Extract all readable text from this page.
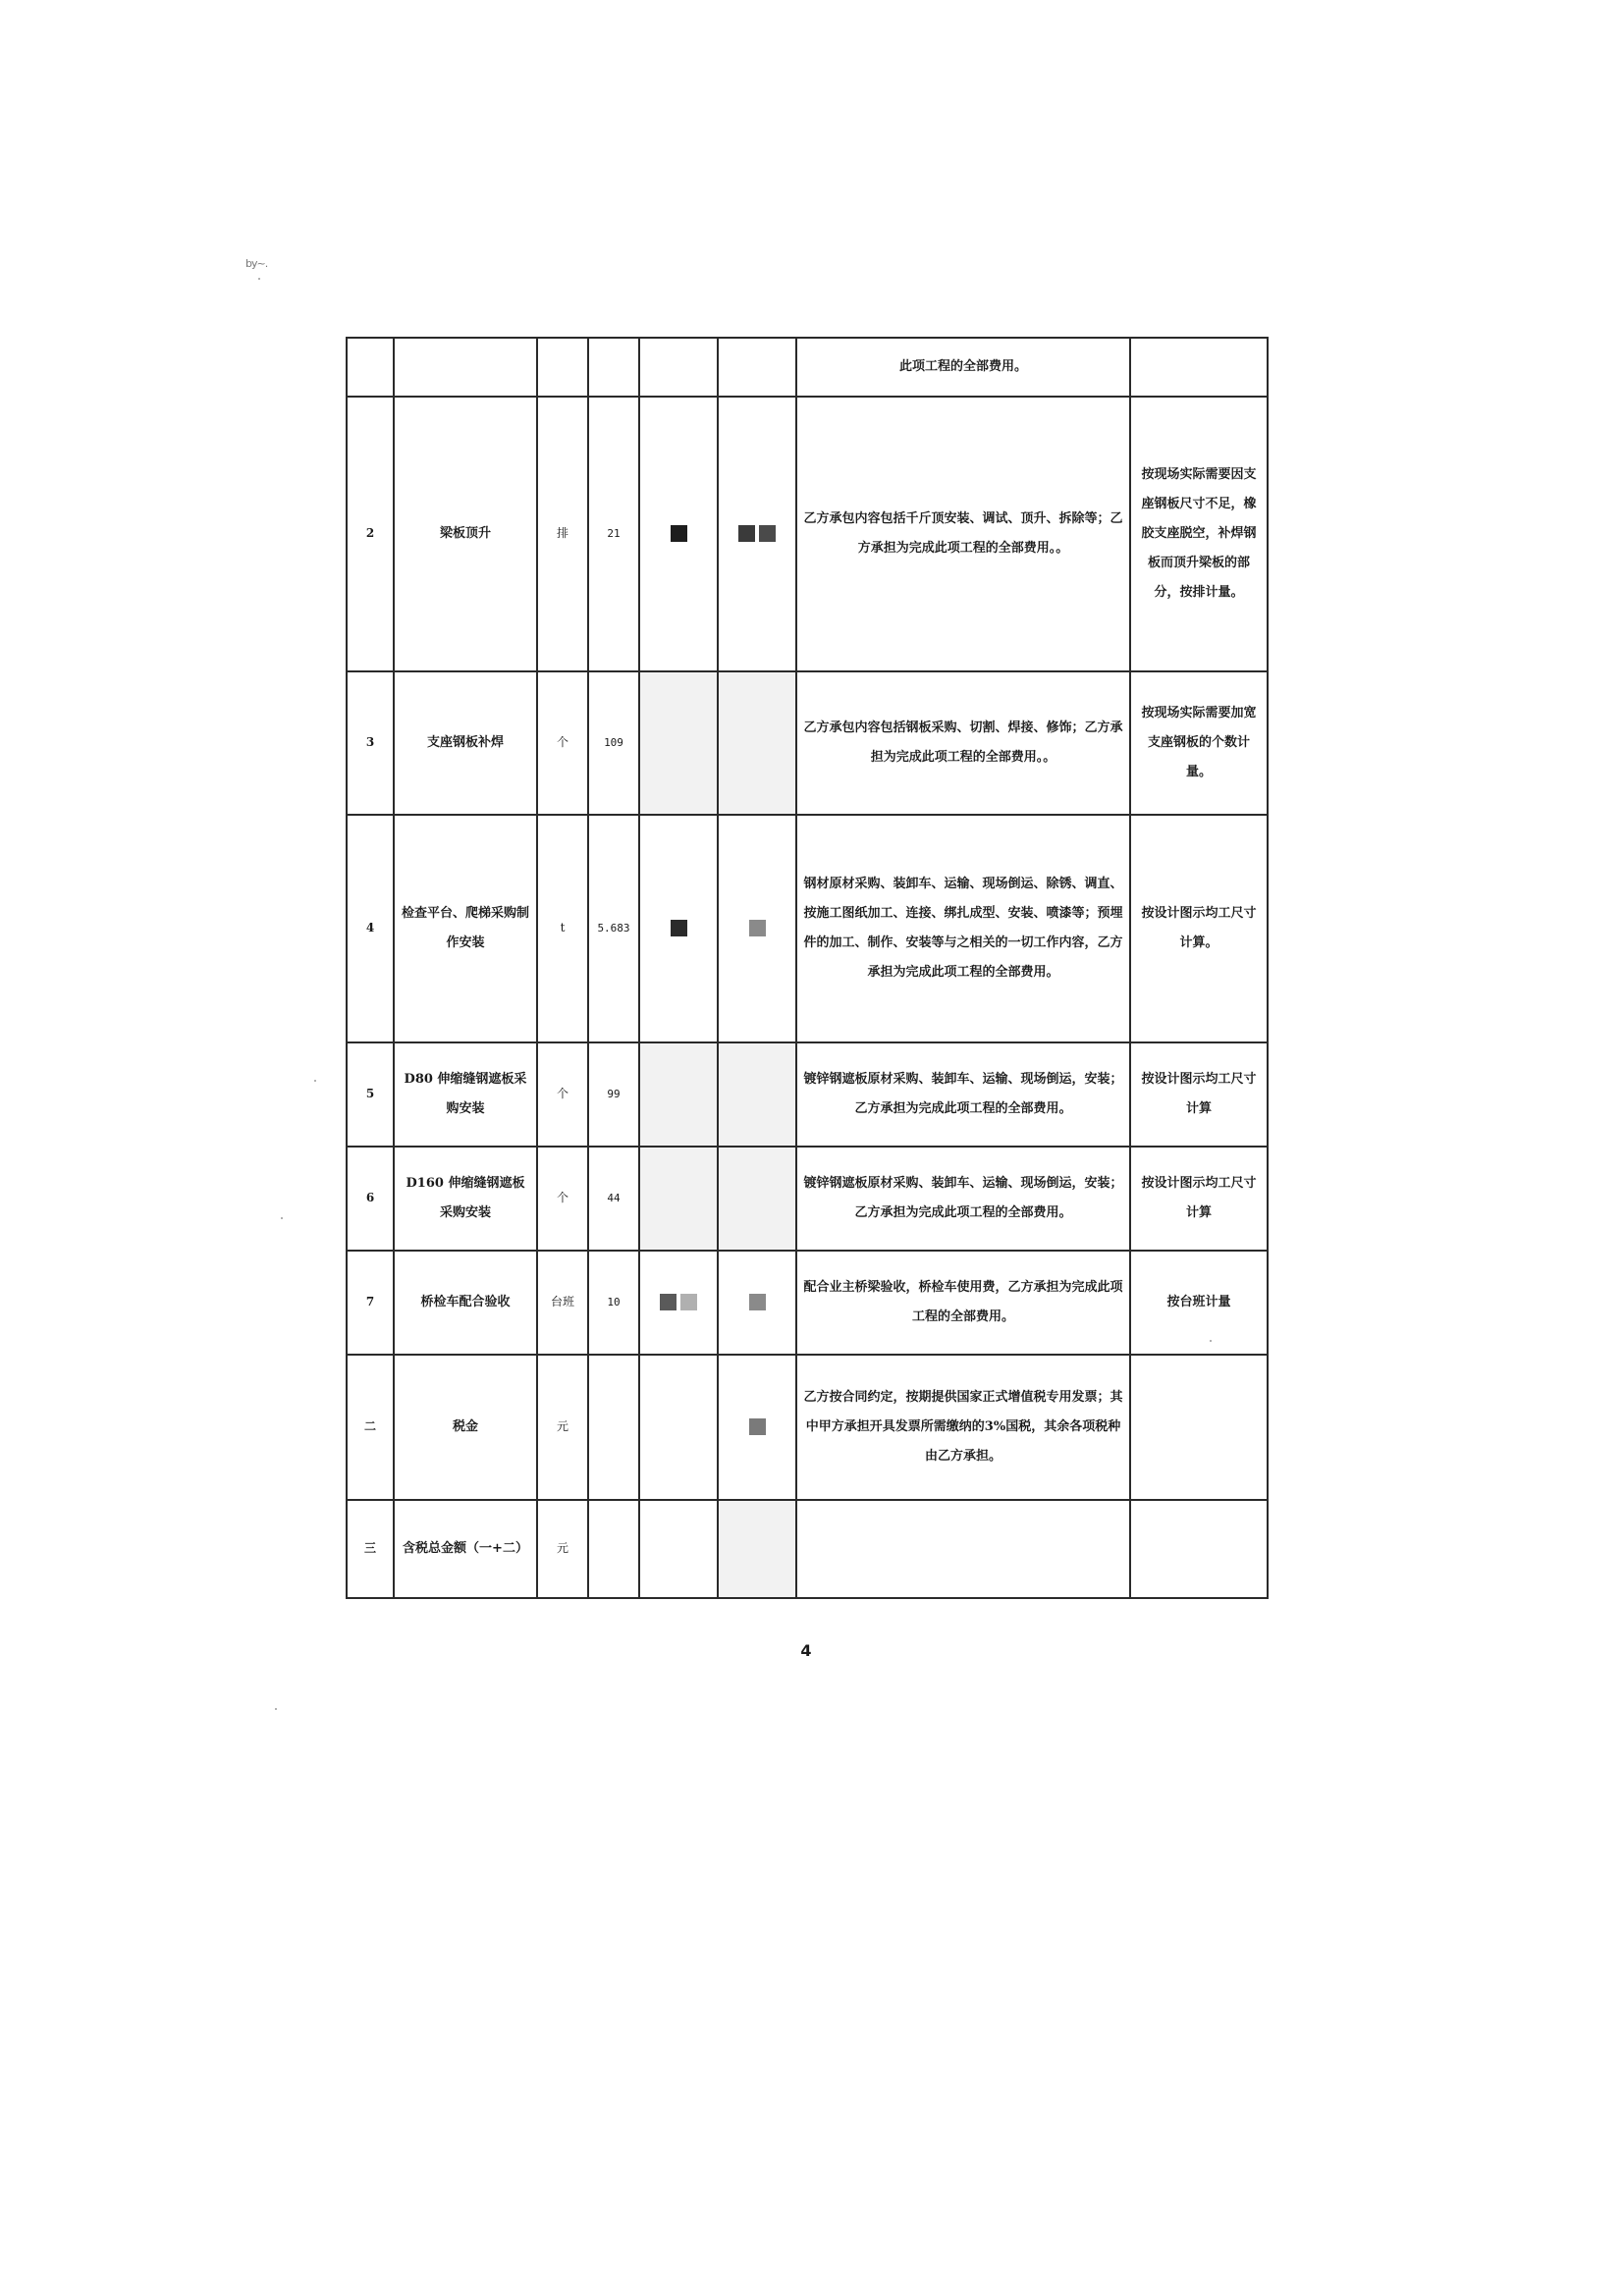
by~.
						此项工程的全部费用。	
2	梁板顶升	排	21			乙方承包内容包括千斤顶安装、调试、顶升、拆除等；乙方承担为完成此项工程的全部费用。。	按现场实际需要因支座钢板尺寸不足，橡胶支座脱空，补焊钢板而顶升梁板的部分，按排计量。
3	支座钢板补焊	个	109			乙方承包内容包括钢板采购、切割、焊接、修饰；乙方承担为完成此项工程的全部费用。。	按现场实际需要加宽支座钢板的个数计量。
4	检查平台、爬梯采购制作安装	t	5.683			钢材原材采购、装卸车、运输、现场倒运、除锈、调直、按施工图纸加工、连接、绑扎成型、安装、喷漆等；预埋件的加工、制作、安装等与之相关的一切工作内容，乙方承担为完成此项工程的全部费用。	按设计图示均工尺寸计算。
5	D80 伸缩缝钢遮板采购安装	个	99			镀锌钢遮板原材采购、装卸车、运输、现场倒运，安装；乙方承担为完成此项工程的全部费用。	按设计图示均工尺寸计算
6	D160 伸缩缝钢遮板采购安装	个	44			镀锌钢遮板原材采购、装卸车、运输、现场倒运，安装；乙方承担为完成此项工程的全部费用。	按设计图示均工尺寸计算
7	桥检车配合验收	台班	10			配合业主桥梁验收，桥检车使用费，乙方承担为完成此项工程的全部费用。	按台班计量
二	税金	元				乙方按合同约定，按期提供国家正式增值税专用发票；其中甲方承担开具发票所需缴纳的3%国税，其余各项税种由乙方承担。	
三	含税总金额（一+二）	元					
4
